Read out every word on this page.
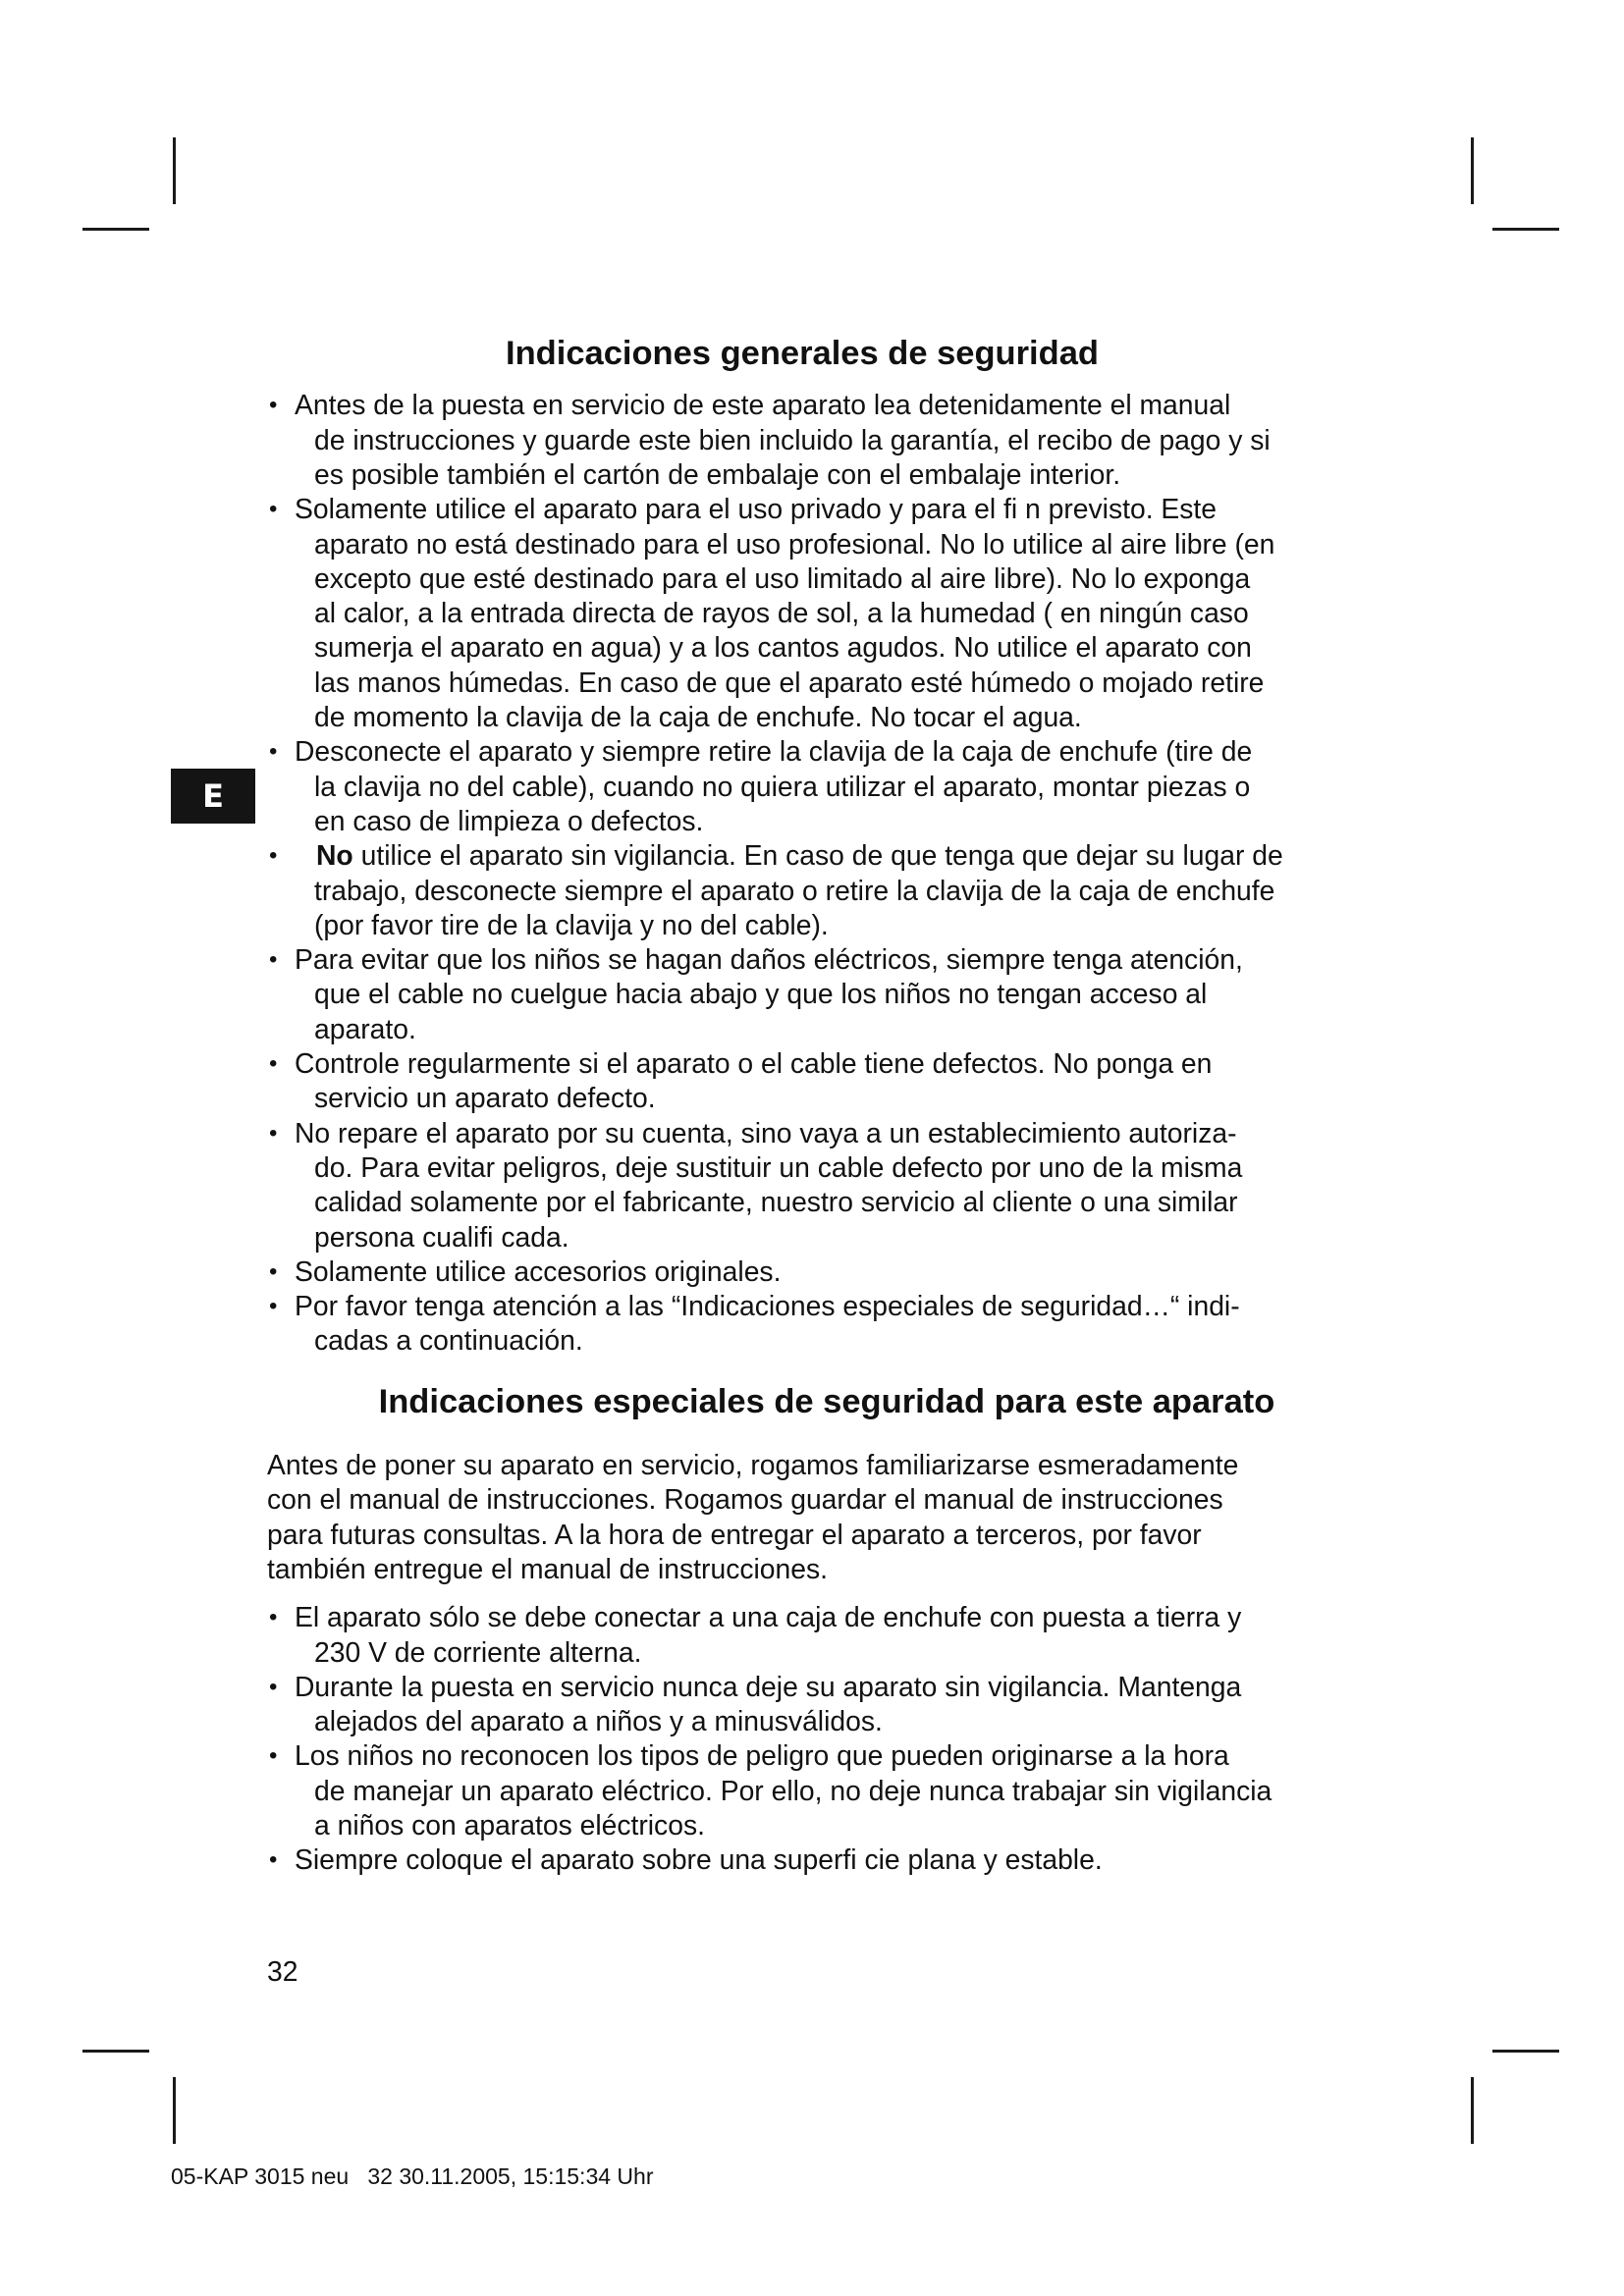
E
Indicaciones generales de seguridad
• Antes de la puesta en servicio de este aparato lea detenidamente el manual
de instrucciones y guarde este bien incluido la garantía, el recibo de pago y si
es posible también el cartón de embalaje con el embalaje interior.
• Solamente utilice el aparato para el uso privado y para el fi n previsto. Este
aparato no está destinado para el uso profesional. No lo utilice al aire libre (en
excepto que esté destinado para el uso limitado al aire libre). No lo exponga
al calor, a la entrada directa de rayos de sol, a la humedad ( en ningún caso
sumerja el aparato en agua) y a los cantos agudos. No utilice el aparato con
las manos húmedas. En caso de que el aparato esté húmedo o mojado retire
de momento la clavija de la caja de enchufe. No tocar el agua.
• Desconecte el aparato y siempre retire la clavija de la caja de enchufe (tire de
la clavija no del cable), cuando no quiera utilizar el aparato, montar piezas o
en caso de limpieza o defectos.
• No utilice el aparato sin vigilancia. En caso de que tenga que dejar su lugar de
trabajo, desconecte siempre el aparato o retire la clavija de la caja de enchufe
(por favor tire de la clavija y no del cable).
• Para evitar que los niños se hagan daños eléctricos, siempre tenga atención,
que el cable no cuelgue hacia abajo y que los niños no tengan acceso al
aparato.
• Controle regularmente si el aparato o el cable tiene defectos. No ponga en
servicio un aparato defecto.
• No repare el aparato por su cuenta, sino vaya a un establecimiento autoriza-
do. Para evitar peligros, deje sustituir un cable defecto por uno de la misma
calidad solamente por el fabricante, nuestro servicio al cliente o una similar
persona cualifi cada.
• Solamente utilice accesorios originales.
• Por favor tenga atención a las “Indicaciones especiales de seguridad…“ indi-
cadas a continuación.
Indicaciones especiales de seguridad para este aparato
Antes de poner su aparato en servicio, rogamos familiarizarse esmeradamente
con el manual de instrucciones. Rogamos guardar el manual de instrucciones
para futuras consultas. A la hora de entregar el aparato a terceros, por favor
también entregue el manual de instrucciones.
• El aparato sólo se debe conectar a una caja de enchufe con puesta a tierra y
230 V de corriente alterna.
• Durante la puesta en servicio nunca deje su aparato sin vigilancia. Mantenga
alejados del aparato a niños y a minusválidos.
• Los niños no reconocen los tipos de peligro que pueden originarse a la hora
de manejar un aparato eléctrico. Por ello, no deje nunca trabajar sin vigilancia
a niños con aparatos eléctricos.
• Siempre coloque el aparato sobre una superfi cie plana y estable.
32
05-KAP 3015 neu   32 30.11.2005, 15:15:34 Uhr
